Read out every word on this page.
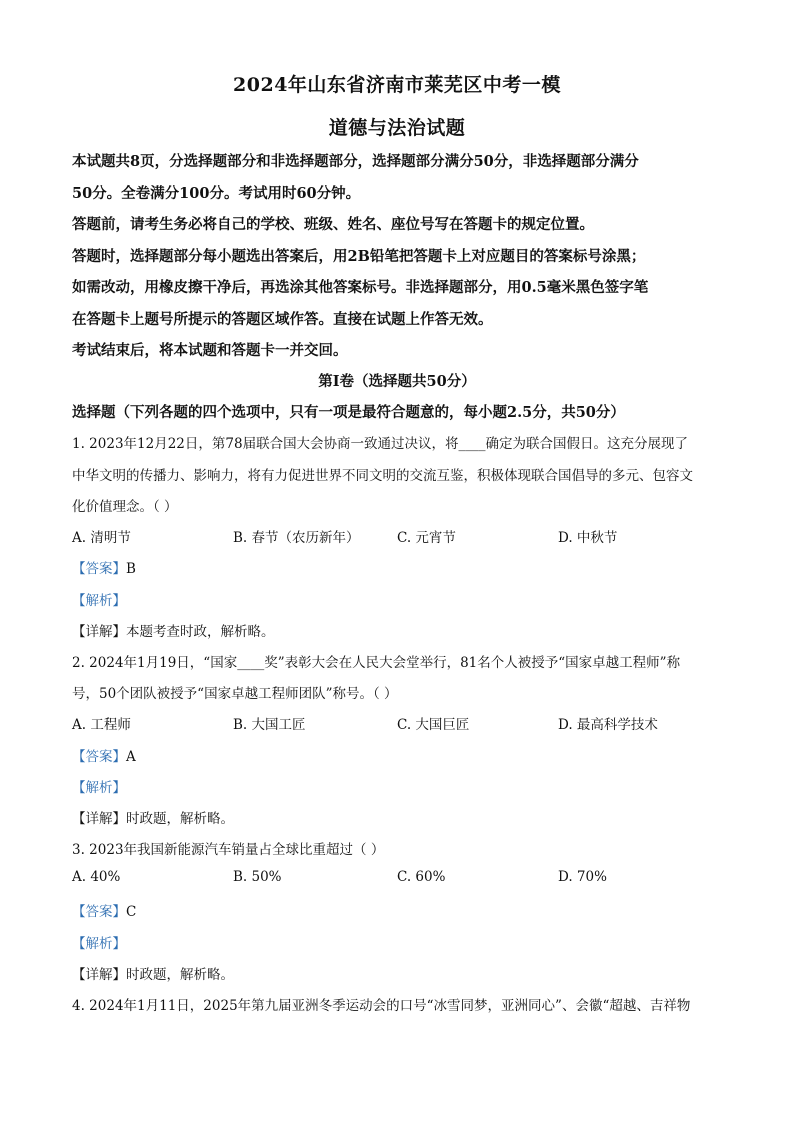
2024年山东省济南市莱芜区中考一模
道德与法治试题
本试题共8页，分选择题部分和非选择题部分，选择题部分满分50分，非选择题部分满分
50分。全卷满分100分。考试用时60分钟。
答题前，请考生务必将自己的学校、班级、姓名、座位号写在答题卡的规定位置。
答题时，选择题部分每小题选出答案后，用2B铅笔把答题卡上对应题目的答案标号涂黑；
如需改动，用橡皮擦干净后，再选涂其他答案标号。非选择题部分，用0.5毫米黑色签字笔
在答题卡上题号所提示的答题区域作答。直接在试题上作答无效。
考试结束后，将本试题和答题卡一并交回。
第Ⅰ卷（选择题共50分）
选择题（下列各题的四个选项中，只有一项是最符合题意的，每小题2.5分，共50分）
1. 2023年12月22日，第78届联合国大会协商一致通过决议，将____确定为联合国假日。这充分展现了
中华文明的传播力、影响力，将有力促进世界不同文明的交流互鉴，积极体现联合国倡导的多元、包容文
化价值理念。（ ）
A. 清明节	B. 春节（农历新年）	C. 元宵节	D. 中秋节
【答案】B
【解析】
【详解】本题考查时政，解析略。
2. 2024年1月19日，“国家____奖”表彰大会在人民大会堂举行，81名个人被授予“国家卓越工程师”称
号，50个团队被授予“国家卓越工程师团队”称号。（ ）
A. 工程师	B. 大国工匠	C. 大国巨匠	D. 最高科学技术
【答案】A
【解析】
【详解】时政题，解析略。
3. 2023年我国新能源汽车销量占全球比重超过（ ）
A. 40%	B. 50%	C. 60%	D. 70%
【答案】C
【解析】
【详解】时政题，解析略。
4. 2024年1月11日，2025年第九届亚洲冬季运动会的口号“冰雪同梦，亚洲同心”、会徽“超越、吉祥物
